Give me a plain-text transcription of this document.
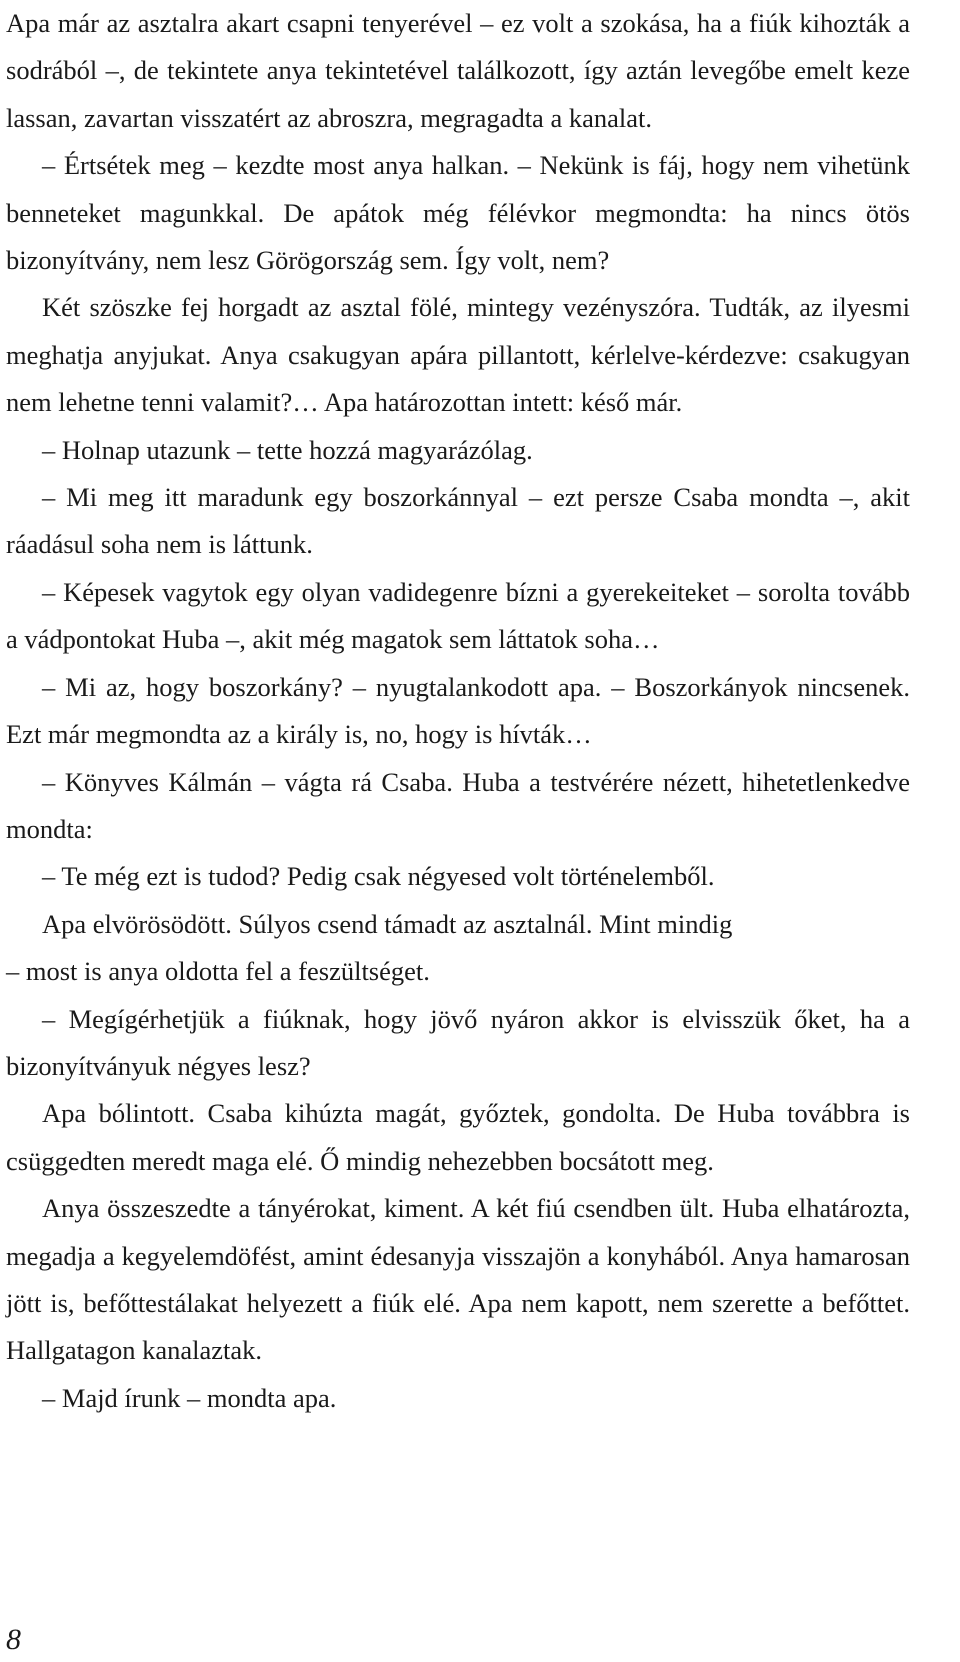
Apa már az asztalra akart csapni tenyerével – ez volt a szokása, ha a fiúk kihozták a sodrából –, de tekintete anya tekintetével találkozott, így aztán levegőbe emelt keze lassan, zavartan visszatért az abroszra, megragadta a kanalat.

– Értsétek meg – kezdte most anya halkan. – Nekünk is fáj, hogy nem vihetünk benneteket magunkkal. De apátok még félévkor megmondta: ha nincs ötös bizonyítvány, nem lesz Görögország sem. Így volt, nem?

Két szöszke fej horgadt az asztal fölé, mintegy vezényszóra. Tudták, az ilyesmi meghatja anyjukat. Anya csakugyan apára pillantott, kérlelve-kérdezve: csakugyan nem lehetne tenni valamit?… Apa határozottan intett: késő már.

– Holnap utazunk – tette hozzá magyarázólag.

– Mi meg itt maradunk egy boszorkánnyal – ezt persze Csaba mondta –, akit ráadásul soha nem is láttunk.

– Képesek vagytok egy olyan vadidegenre bízni a gyerekeiteket – sorolta tovább a vádpontokat Huba –, akit még magatok sem láttatok soha…

– Mi az, hogy boszorkány? – nyugtalankodott apa. – Boszorkányok nincsenek. Ezt már megmondta az a király is, no, hogy is hívták…

– Könyves Kálmán – vágta rá Csaba. Huba a testvérére nézett, hihetetlenkedve mondta:

– Te még ezt is tudod? Pedig csak négyesed volt történelemből.

Apa elvörösödött. Súlyos csend támadt az asztalnál. Mint mindig

– most is anya oldotta fel a feszültséget.

– Megígérhetjük a fiúknak, hogy jövő nyáron akkor is elvisszük őket, ha a bizonyítványuk négyes lesz?

Apa bólintott. Csaba kihúzta magát, győztek, gondolta. De Huba továbbra is csüggedten meredt maga elé. Ő mindig nehezebben bocsátott meg.

Anya összeszedte a tányérokat, kiment. A két fiú csendben ült. Huba elhatározta, megadja a kegyelemdöfést, amint édesanyja visszajön a konyhából. Anya hamarosan jött is, befőttestálakat helyezett a fiúk elé. Apa nem kapott, nem szerette a befőttet. Hallgatagon kanalaztak.

– Majd írunk – mondta apa.

8
